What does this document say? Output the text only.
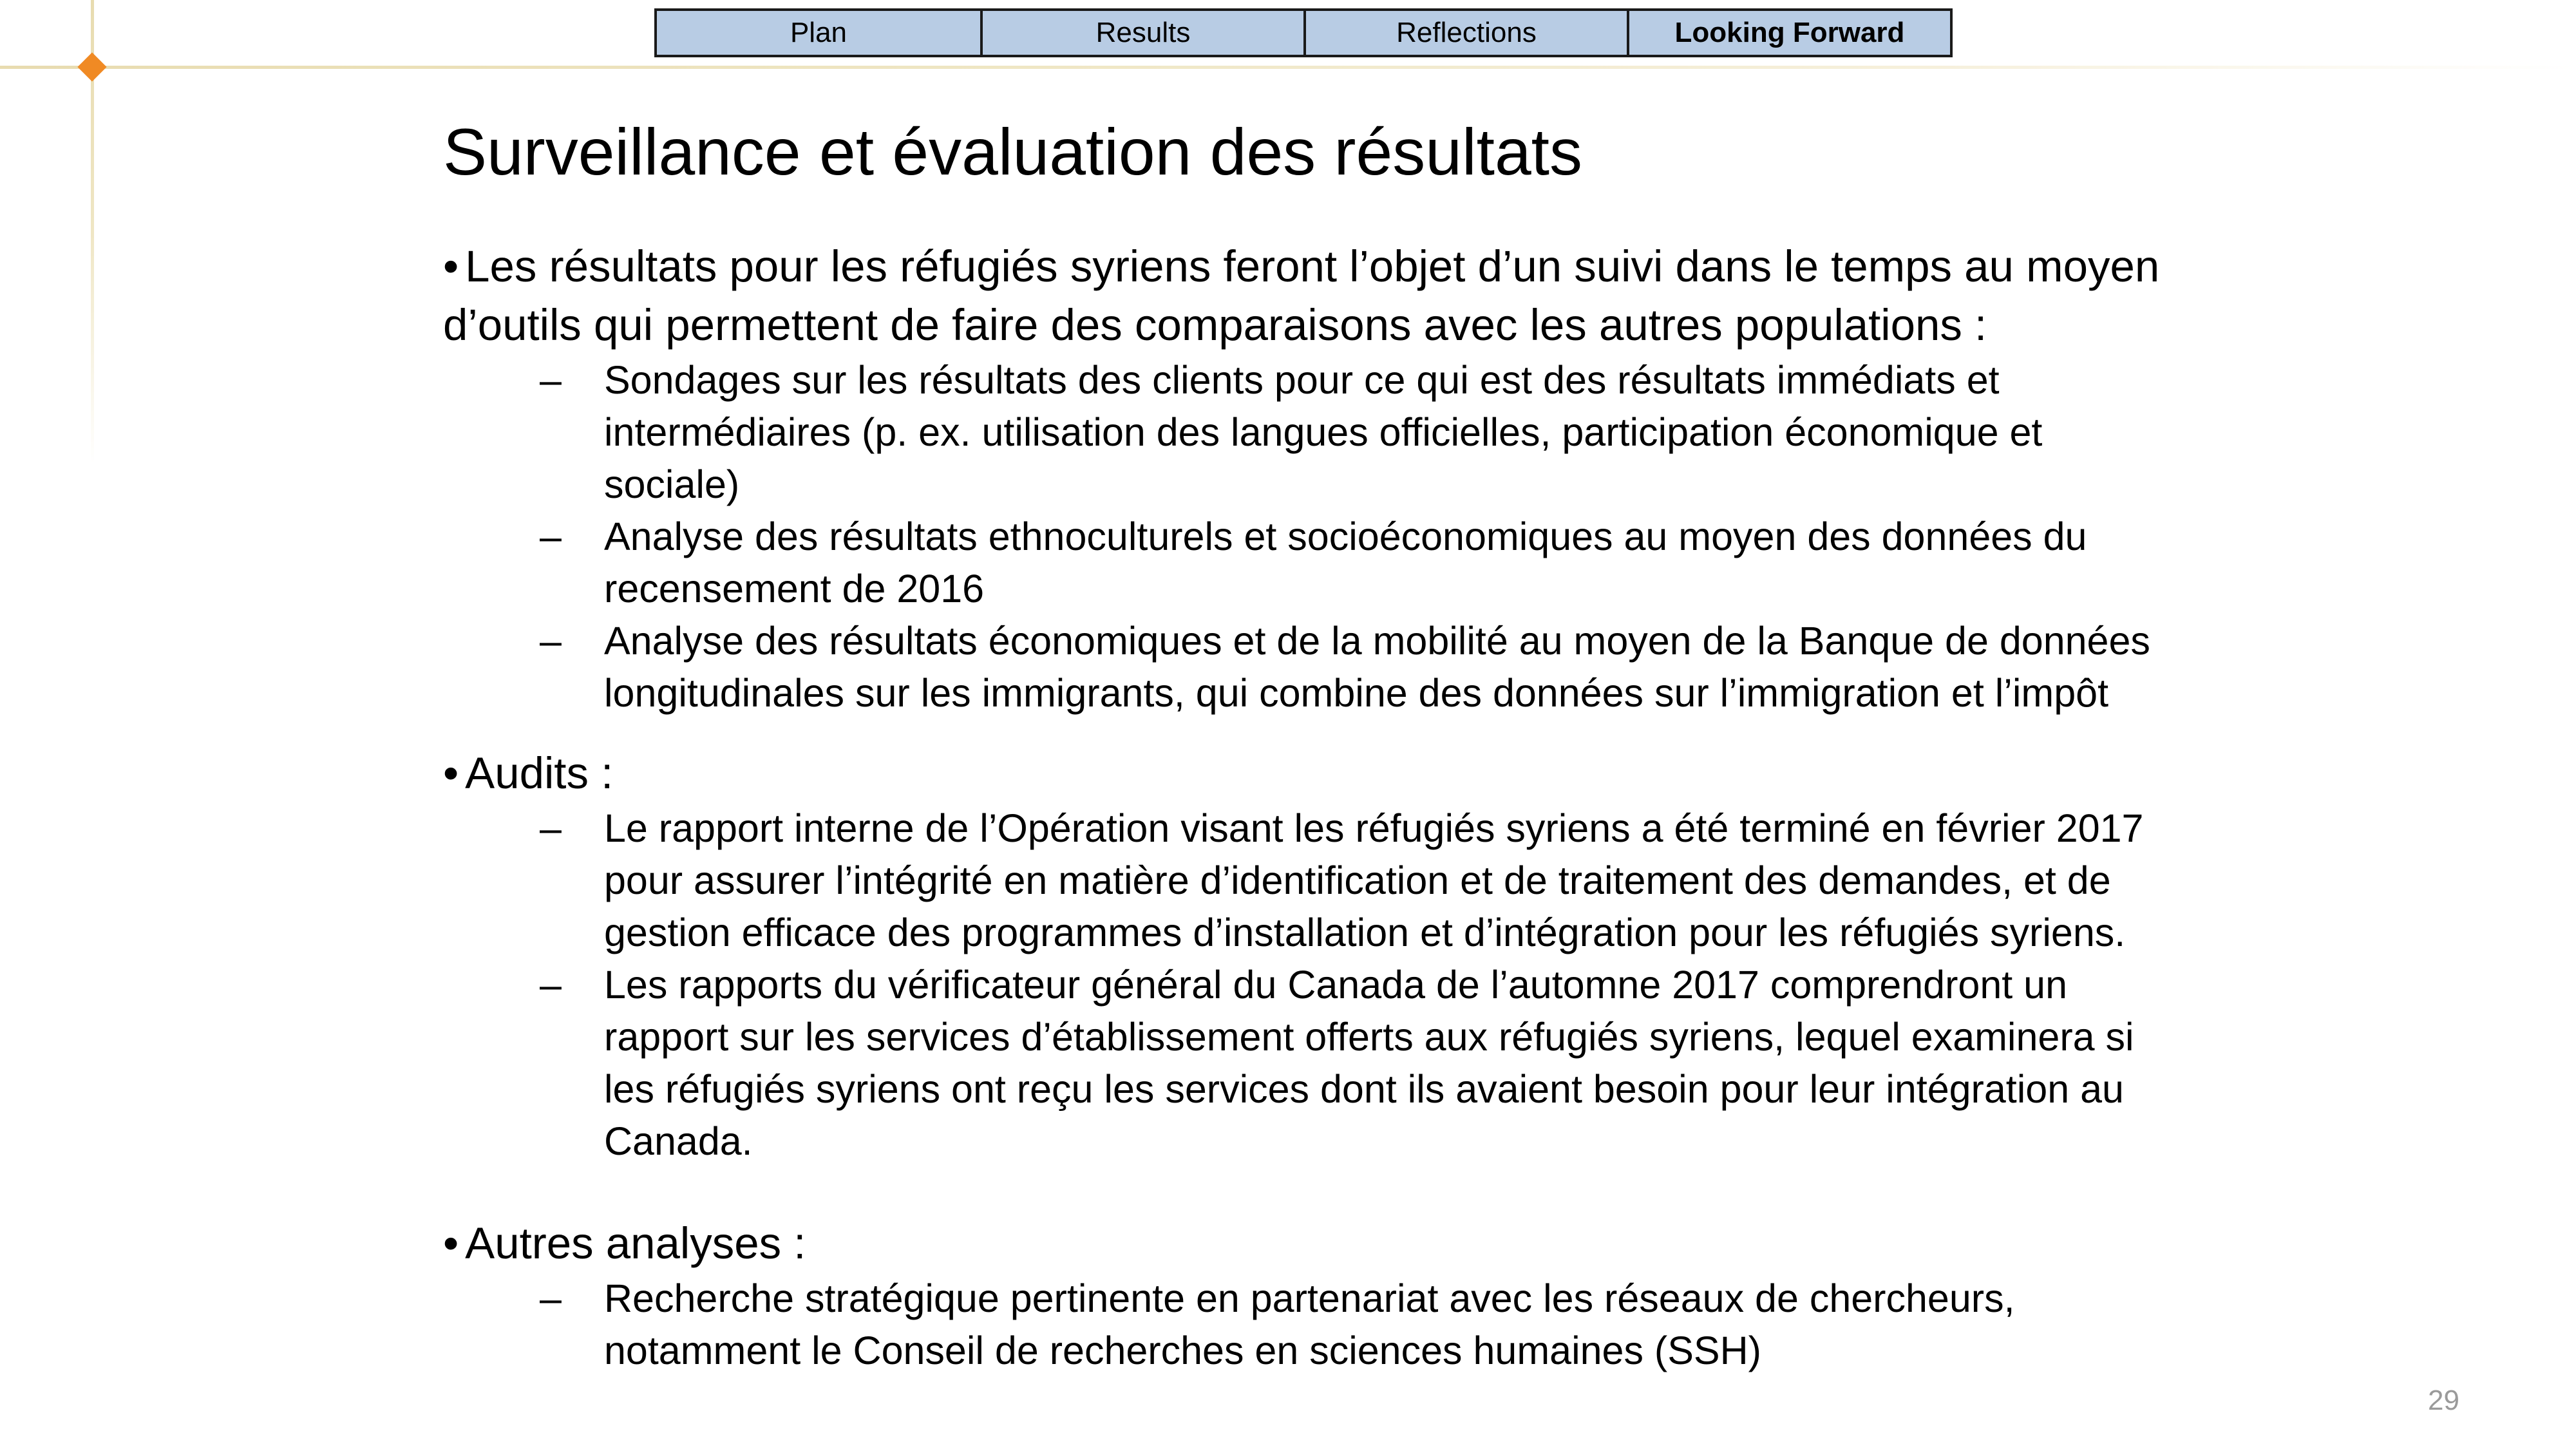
Plan	Results	Reflections	Looking Forward
Surveillance et évaluation des résultats

• Les résultats pour les réfugiés syriens feront l’objet d’un suivi dans le temps au moyen d’outils qui permettent de faire des comparaisons avec les autres populations :

– Sondages sur les résultats des clients pour ce qui est des résultats immédiats et intermédiaires (p. ex. utilisation des langues officielles, participation économique et sociale)
– Analyse des résultats ethnoculturels et socioéconomiques au moyen des données du recensement de 2016
– Analyse des résultats économiques et de la mobilité au moyen de la Banque de données longitudinales sur les immigrants, qui combine des données sur l’immigration et l’impôt

• Audits :

– Le rapport interne de l’Opération visant les réfugiés syriens a été terminé en février 2017 pour assurer l’intégrité en matière d’identification et de traitement des demandes, et de gestion efficace des programmes d’installation et d’intégration pour les réfugiés syriens.
– Les rapports du vérificateur général du Canada de l’automne 2017 comprendront un rapport sur les services d’établissement offerts aux réfugiés syriens, lequel examinera si les réfugiés syriens ont reçu les services dont ils avaient besoin pour leur intégration au Canada.

• Autres analyses :

– Recherche stratégique pertinente en partenariat avec les réseaux de chercheurs, notamment le Conseil de recherches en sciences humaines (SSH)
29
